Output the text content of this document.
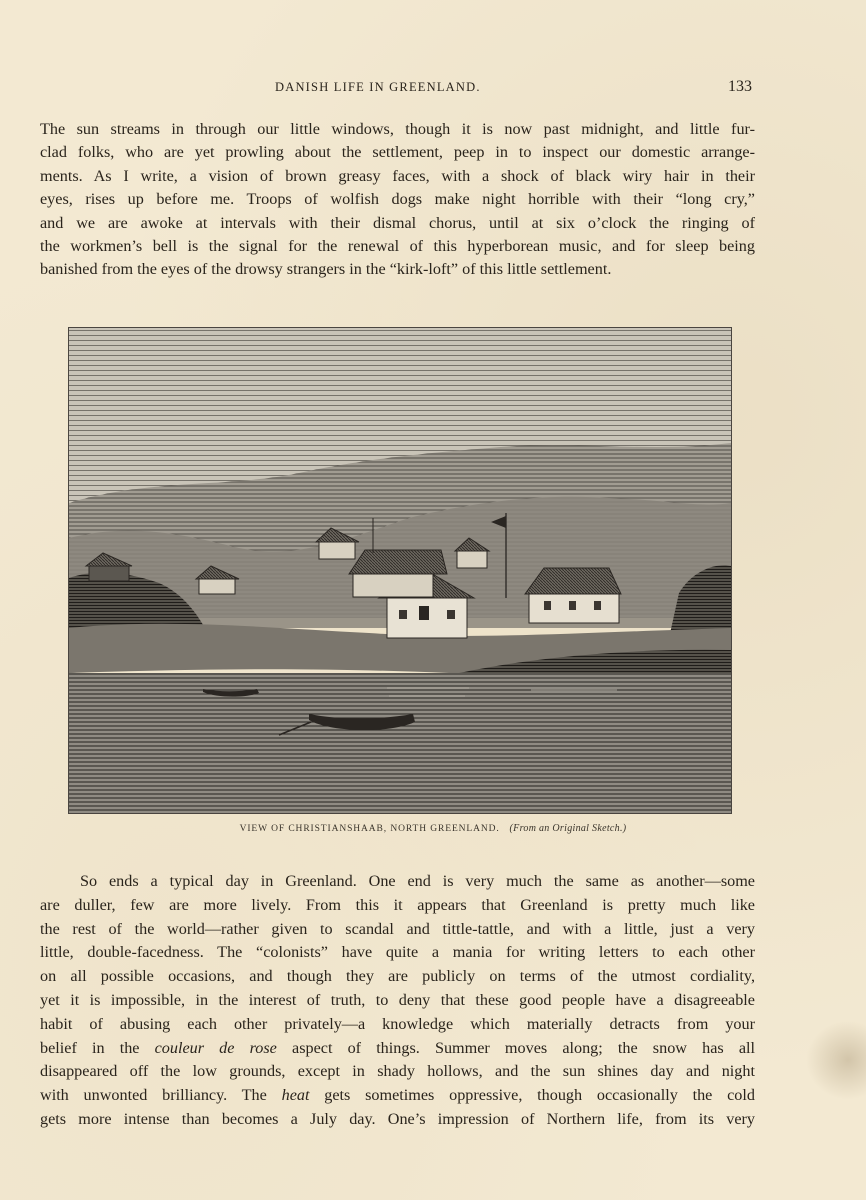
DANISH LIFE IN GREENLAND.	133
The sun streams in through our little windows, though it is now past midnight, and little fur-
clad folks, who are yet prowling about the settlement, peep in to inspect our domestic arrange-
ments. As I write, a vision of brown greasy faces, with a shock of black wiry hair in their
eyes, rises up before me. Troops of wolfish dogs make night horrible with their “long cry,”
and we are awoke at intervals with their dismal chorus, until at six o’clock the ringing of
the workmen’s bell is the signal for the renewal of this hyperborean music, and for sleep being
banished from the eyes of the drowsy strangers in the “kirk-loft” of this little settlement.
VIEW OF CHRISTIANSHAAB, NORTH GREENLAND. (From an Original Sketch.)
So ends a typical day in Greenland. One end is very much the same as another—some
are duller, few are more lively. From this it appears that Greenland is pretty much like
the rest of the world—rather given to scandal and tittle-tattle, and with a little, just a very
little, double-facedness. The “colonists” have quite a mania for writing letters to each other
on all possible occasions, and though they are publicly on terms of the utmost cordiality,
yet it is impossible, in the interest of truth, to deny that these good people have a disagreeable
habit of abusing each other privately—a knowledge which materially detracts from your
belief in the couleur de rose aspect of things. Summer moves along; the snow has all
disappeared off the low grounds, except in shady hollows, and the sun shines day and night
with unwonted brilliancy. The heat gets sometimes oppressive, though occasionally the cold
gets more intense than becomes a July day. One’s impression of Northern life, from its very
